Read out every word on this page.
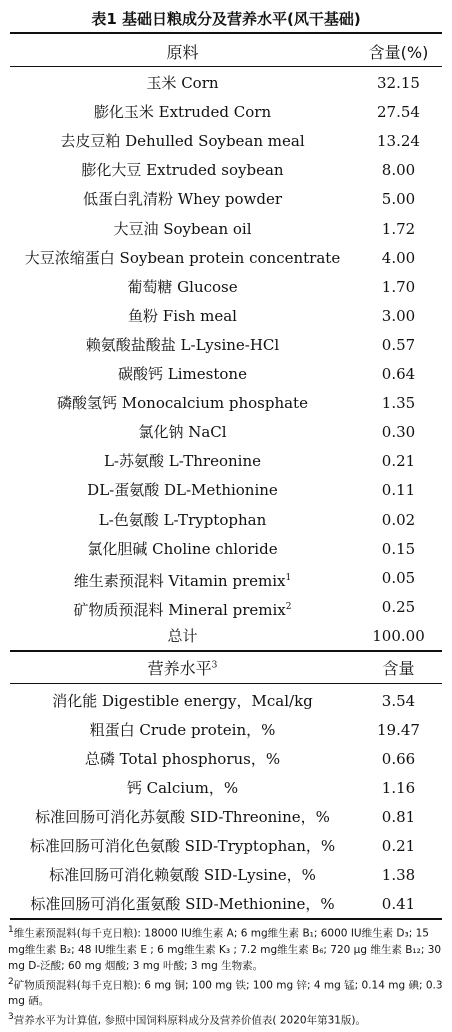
表1 基础日粮成分及营养水平(风干基础)
原料	含量(%)
玉米 Corn	32.15
膨化玉米 Extruded Corn	27.54
去皮豆粕 Dehulled Soybean meal	13.24
膨化大豆 Extruded soybean	8.00
低蛋白乳清粉 Whey powder	5.00
大豆油 Soybean oil	1.72
大豆浓缩蛋白 Soybean protein concentrate	4.00
葡萄糖 Glucose	1.70
鱼粉 Fish meal	3.00
赖氨酸盐酸盐 L-Lysine-HCl	0.57
碳酸钙 Limestone	0.64
磷酸氢钙 Monocalcium phosphate	1.35
氯化钠 NaCl	0.30
L-苏氨酸 L-Threonine	0.21
DL-蛋氨酸 DL-Methionine	0.11
L-色氨酸 L-Tryptophan	0.02
氯化胆碱 Choline chloride	0.15
维生素预混料 Vitamin premix$^1$	0.05
矿物质预混料 Mineral premix$^2$	0.25
总计	100.00
营养水平$^3$	含量
消化能 Digestible energy，Mcal/kg	3.54
粗蛋白 Crude protein，%	19.47
总磷 Total phosphorus，%	0.66
钙 Calcium，%	1.16
标准回肠可消化苏氨酸 SID-Threonine，%	0.81
标准回肠可消化色氨酸 SID-Tryptophan，%	0.21
标准回肠可消化赖氨酸 SID-Lysine，%	1.38
标准回肠可消化蛋氨酸 SID-Methionine，%	0.41
$^1$维生素预混料(每千克日粮): 18000 IU维生素 A; 6 mg维生素 B₁; 6000 IU维生素 D₃; 15 mg维生素 B₂; 48 IU维生素 E ; 6 mg维生素 K₃ ; 7.2 mg维生素 B₆; 720 μg 维生素 B₁₂; 30 mg D-泛酸; 60 mg 烟酸; 3 mg 叶酸; 3 mg 生物素。
$^2$矿物质预混料(每千克日粮): 6 mg 铜; 100 mg 铁; 100 mg 锌; 4 mg 锰; 0.14 mg 碘; 0.3 mg 硒。
$^3$营养水平为计算值, 参照中国饲料原料成分及营养价值表( 2020年第31版)。
